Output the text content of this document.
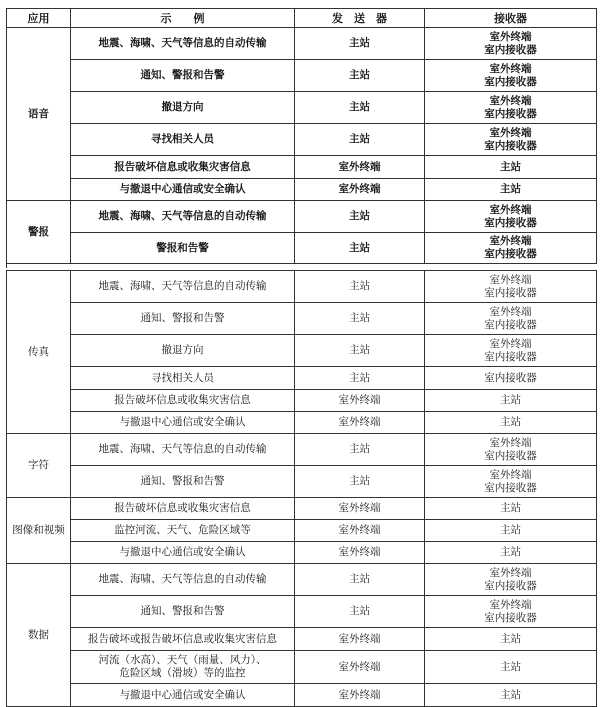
应用	示　　例	发　送　器	接收器
语音	地震、海啸、天气等信息的自动传输	主站	室外终端
室内接收器

	通知、警报和告警	主站	室外终端
室内接收器

	撤退方向	主站	室外终端
室内接收器

	寻找相关人员	主站	室外终端
室内接收器

	报告破坏信息或收集灾害信息	室外终端	主站

	与撤退中心通信或安全确认	室外终端	主站

警报	地震、海啸、天气等信息的自动传输	主站	室外终端
室内接收器

	警报和告警	主站	室外终端
室内接收器
传真	地震、海啸、天气等信息的自动传输	主站	室外终端
室内接收器

	通知、警报和告警	主站	室外终端
室内接收器

	撤退方向	主站	室外终端
室内接收器

	寻找相关人员	主站	室内接收器

	报告破坏信息或收集灾害信息	室外终端	主站

	与撤退中心通信或安全确认	室外终端	主站

字符	地震、海啸、天气等信息的自动传输	主站	室外终端
室内接收器

	通知、警报和告警	主站	室外终端
室内接收器

图像和视频	报告破坏信息或收集灾害信息	室外终端	主站

	监控河流、天气、危险区域等	室外终端	主站

	与撤退中心通信或安全确认	室外终端	主站

数据	地震、海啸、天气等信息的自动传输	主站	室外终端
室内接收器

	通知、警报和告警	主站	室外终端
室内接收器

	报告破坏或报告破坏信息或收集灾害信息	室外终端	主站

	河流（水高）、天气（雨量、风力）、
危险区域（滑坡）等的监控	室外终端	主站

	与撤退中心通信或安全确认	室外终端	主站
